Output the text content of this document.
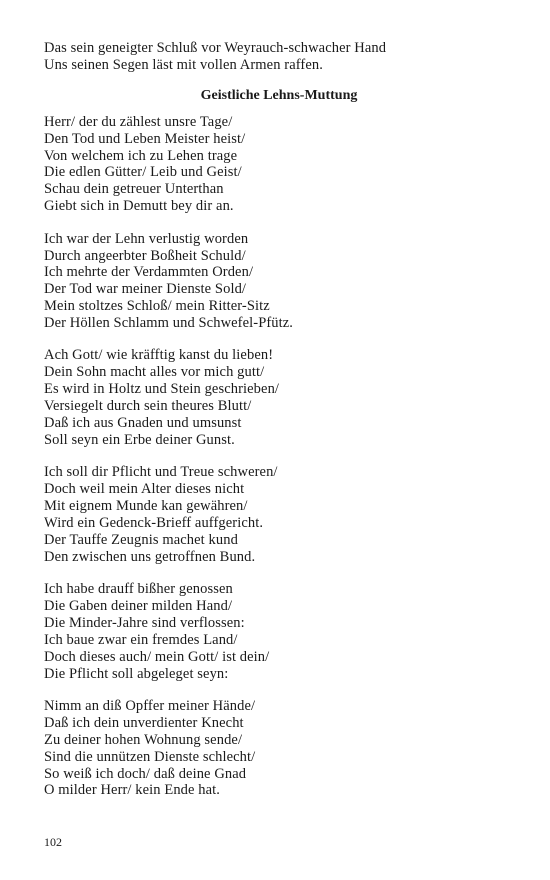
Das sein geneigter Schluß vor Weyrauch-schwacher Hand
Uns seinen Segen läst mit vollen Armen raffen.
Geistliche Lehns-Muttung
Herr/ der du zählest unsre Tage/
Den Tod und Leben Meister heist/
Von welchem ich zu Lehen trage
Die edlen Gütter/ Leib und Geist/
Schau dein getreuer Unterthan
Giebt sich in Demutt bey dir an.
Ich war der Lehn verlustig worden
Durch angeerbter Boßheit Schuld/
Ich mehrte der Verdammten Orden/
Der Tod war meiner Dienste Sold/
Mein stoltzes Schloß/ mein Ritter-Sitz
Der Höllen Schlamm und Schwefel-Pfütz.
Ach Gott/ wie kräfftig kanst du lieben!
Dein Sohn macht alles vor mich gutt/
Es wird in Holtz und Stein geschrieben/
Versiegelt durch sein theures Blutt/
Daß ich aus Gnaden und umsunst
Soll seyn ein Erbe deiner Gunst.
Ich soll dir Pflicht und Treue schweren/
Doch weil mein Alter dieses nicht
Mit eignem Munde kan gewähren/
Wird ein Gedenck-Brieff auffgericht.
Der Tauffe Zeugnis machet kund
Den zwischen uns getroffnen Bund.
Ich habe drauff bißher genossen
Die Gaben deiner milden Hand/
Die Minder-Jahre sind verflossen:
Ich baue zwar ein fremdes Land/
Doch dieses auch/ mein Gott/ ist dein/
Die Pflicht soll abgeleget seyn:
Nimm an diß Opffer meiner Hände/
Daß ich dein unverdienter Knecht
Zu deiner hohen Wohnung sende/
Sind die unnützen Dienste schlecht/
So weiß ich doch/ daß deine Gnad
O milder Herr/ kein Ende hat.
102
